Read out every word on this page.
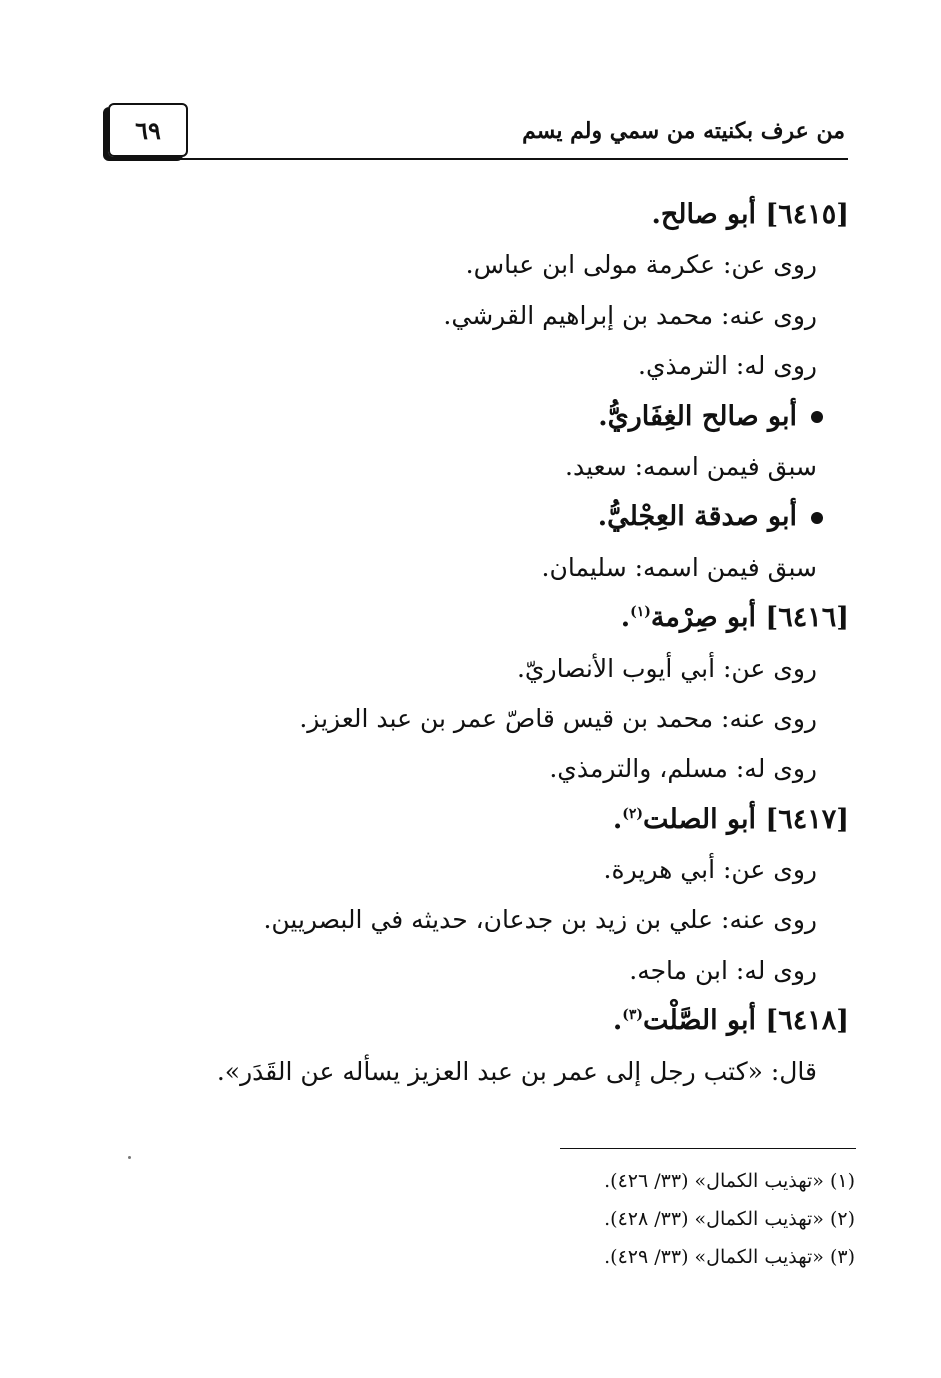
٦٩	من عرف بكنيته من سمي ولم يسم
[٦٤١٥] أبو صالح.
روى عن: عكرمة مولى ابن عباس.
روى عنه: محمد بن إبراهيم القرشي.
روى له: الترمذي.
أبو صالح الغِفَاريُّ.
سبق فيمن اسمه: سعيد.
أبو صدقة العِجْليُّ.
سبق فيمن اسمه: سليمان.
[٦٤١٦] أبو صِرْمة$^{(١)}$.
روى عن: أبي أيوب الأنصاريّ.
روى عنه: محمد بن قيس قاصّ عمر بن عبد العزيز.
روى له: مسلم، والترمذي.
[٦٤١٧] أبو الصلت$^{(٢)}$.
روى عن: أبي هريرة.
روى عنه: علي بن زيد بن جدعان، حديثه في البصريين.
روى له: ابن ماجه.
[٦٤١٨] أبو الصَّلْت$^{(٣)}$.
قال: «كتب رجل إلى عمر بن عبد العزيز يسأله عن القَدَر».
(١) «تهذيب الكمال» (٣٣/ ٤٢٦).
(٢) «تهذيب الكمال» (٣٣/ ٤٢٨).
(٣) «تهذيب الكمال» (٣٣/ ٤٢٩).
